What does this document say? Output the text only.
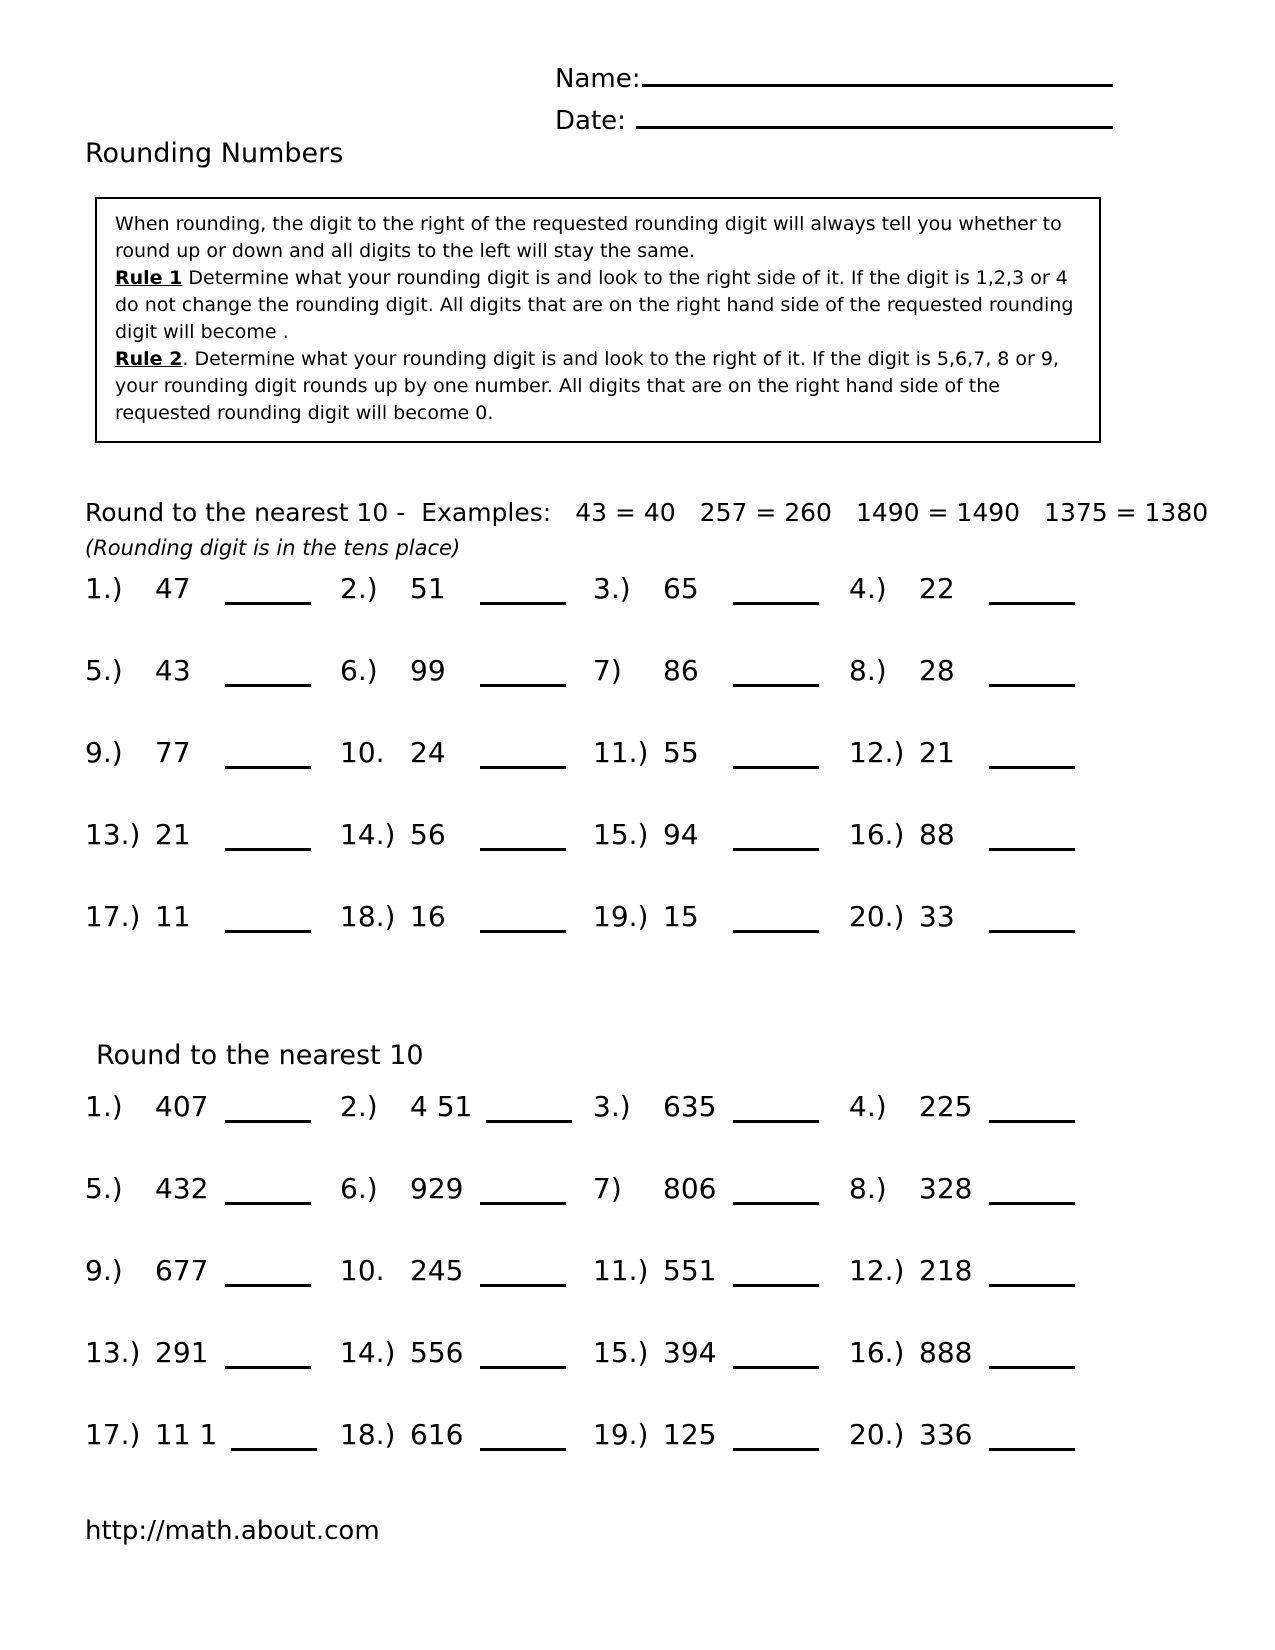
Name:
Date:
Rounding Numbers

When rounding, the digit to the right of the requested rounding digit will always tell you whether to round up or down and all digits to the left will stay the same.

Rule 1 Determine what your rounding digit is and look to the right side of it. If the digit is 1,2,3 or 4 do not change the rounding digit. All digits that are on the right hand side of the requested rounding digit will become .

Rule 2. Determine what your rounding digit is and look to the right of it. If the digit is 5,6,7, 8 or 9, your rounding digit rounds up by one number. All digits that are on the right hand side of the requested rounding digit will become 0.

Round to the nearest 10 - Examples: 43 = 40 257 = 260 1490 = 1490 1375 = 1380
(Rounding digit is in the tens place)
1.)	47	2.)	51	3.)	65	4.)	22
5.)	43	6.)	99	7)	86	8.)	28
9.)	77	10. 24	11.) 55	12.) 21
13.) 21	14.) 56	15.) 94	16.) 88
17.) 11	18.) 16	19.) 15	20.) 33
Round to the nearest 10
1.)	407	2.)	4 51	3.)	635	4.)	225
5.)	432	6.)	929	7)	806	8.)	328
9.)	677	10. 245	11.) 551	12.) 218
13.) 291	14.) 556	15.) 394	16.) 888
17.) 11 1	18.) 616	19.) 125	20.) 336
http://math.about.com
